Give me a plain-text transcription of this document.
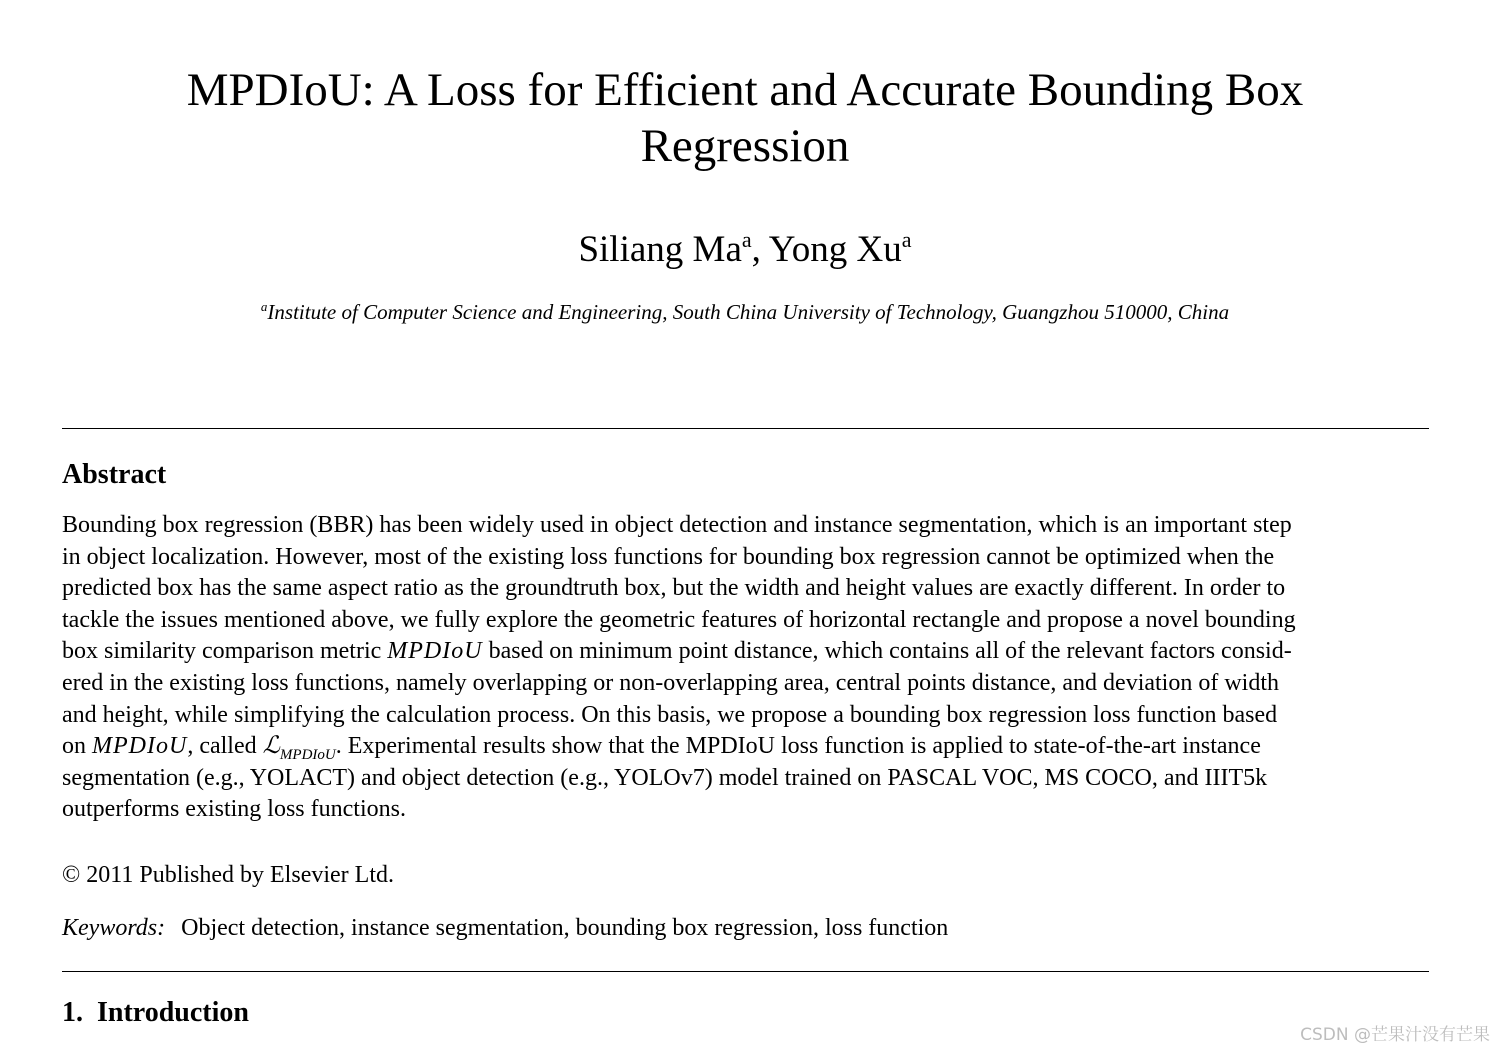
MPDIoU: A Loss for Efficient and Accurate Bounding Box
Regression
Siliang Ma$^a$, Yong Xu$^a$
$^a$Institute of Computer Science and Engineering, South China University of Technology, Guangzhou 510000, China
Abstract
Bounding box regression (BBR) has been widely used in object detection and instance segmentation, which is an important step
in object localization. However, most of the existing loss functions for bounding box regression cannot be optimized when the
predicted box has the same aspect ratio as the groundtruth box, but the width and height values are exactly different. In order to
tackle the issues mentioned above, we fully explore the geometric features of horizontal rectangle and propose a novel bounding
box similarity comparison metric MPDIoU based on minimum point distance, which contains all of the relevant factors consid-
ered in the existing loss functions, namely overlapping or non-overlapping area, central points distance, and deviation of width
and height, while simplifying the calculation process. On this basis, we propose a bounding box regression loss function based
on MPDIoU, called ℒ$_{MPDIoU}$. Experimental results show that the MPDIoU loss function is applied to state-of-the-art instance
segmentation (e.g., YOLACT) and object detection (e.g., YOLOv7) model trained on PASCAL VOC, MS COCO, and IIIT5k
outperforms existing loss functions.
© 2011 Published by Elsevier Ltd.
Keywords: Object detection, instance segmentation, bounding box regression, loss function
1. Introduction
CSDN @芒果汁没有芒果
